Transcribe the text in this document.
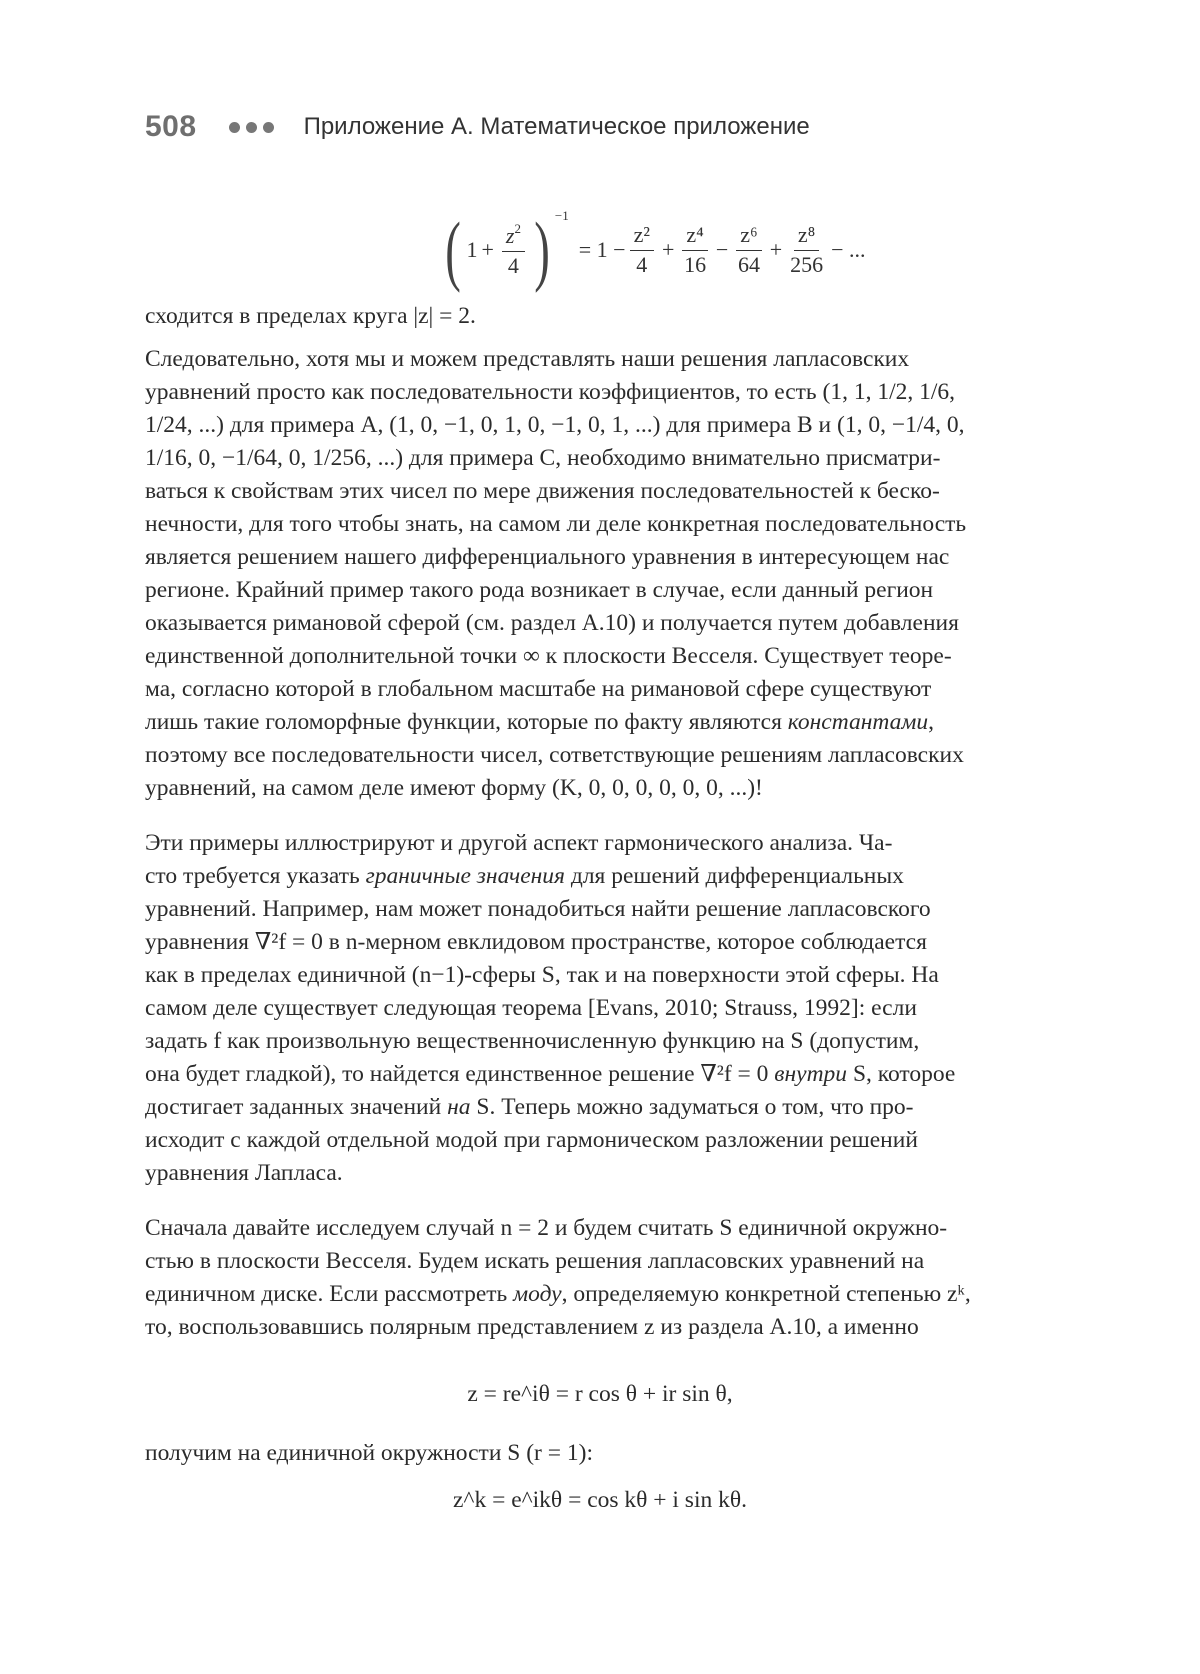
508	Приложение А. Математическое приложение
( $1 + \frac{z^2}{4}$ ) −1
= $1 - \frac{\text{z²}}{4} + \frac{\text{z⁴}}{16} - \frac{\text{z⁶}}{64} + \frac{\text{z⁸}}{256}$ − ...

сходится в пределах круга |z| = 2.

Следовательно, хотя мы и можем представлять наши решения лапласовских

уравнений просто как последовательности коэффициентов, то есть (1, 1, 1/2, 1/6,

1/24, ...) для примера A, (1, 0, −1, 0, 1, 0, −1, 0, 1, ...) для примера B и (1, 0, −1/4, 0,

1/16, 0, −1/64, 0, 1/256, ...) для примера C, необходимо внимательно присматри-

ваться к свойствам этих чисел по мере движения последовательностей к беско-

нечности, для того чтобы знать, на самом ли деле конкретная последовательность

является решением нашего дифференциального уравнения в интересующем нас

регионе. Крайний пример такого рода возникает в случае, если данный регион

оказывается римановой сферой (см. раздел А.10) и получается путем добавления

единственной дополнительной точки ∞ к плоскости Весселя. Существует теоре-

ма, согласно которой в глобальном масштабе на римановой сфере существуют

лишь такие голоморфные функции, которые по факту являются константами,

поэтому все последовательности чисел, сответствующие решениям лапласовских

уравнений, на самом деле имеют форму (K, 0, 0, 0, 0, 0, 0, ...)!

Эти примеры иллюстрируют и другой аспект гармонического анализа. Ча-

сто требуется указать граничные значения для решений дифференциальных

уравнений. Например, нам может понадобиться найти решение лапласовского

уравнения ∇²f = 0 в n-мерном евклидовом пространстве, которое соблюдается

как в пределах единичной (n−1)-сферы S, так и на поверхности этой сферы. На

самом деле существует следующая теорема [Evans, 2010; Strauss, 1992]: если

задать f как произвольную вещественночисленную функцию на S (допустим,

она будет гладкой), то найдется единственное решение ∇²f = 0 внутри S, которое

достигает заданных значений на S. Теперь можно задуматься о том, что про-

исходит с каждой отдельной модой при гармоническом разложении решений

уравнения Лапласа.

Сначала давайте исследуем случай n = 2 и будем считать S единичной окружно-

стью в плоскости Весселя. Будем искать решения лапласовских уравнений на

единичном диске. Если рассмотреть моду, определяемую конкретной степенью zᵏ,

то, воспользовавшись полярным представлением z из раздела А.10, а именно

z = re^iθ = r cos θ + ir sin θ,

получим на единичной окружности S (r = 1):

z^k = e^ikθ = cos kθ + i sin kθ.
